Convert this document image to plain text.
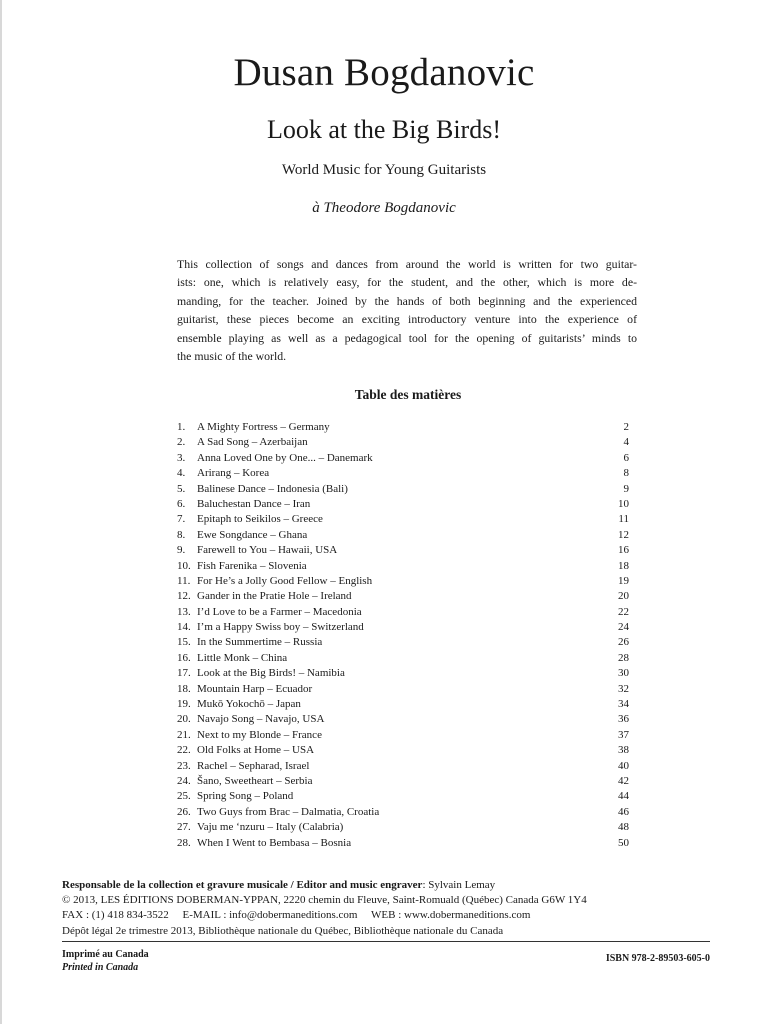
Dusan Bogdanovic
Look at the Big Birds!
World Music for Young Guitarists
à Theodore Bogdanovic
This collection of songs and dances from around the world is written for two guitar-
ists: one, which is relatively easy, for the student, and the other, which is more de-
manding, for the teacher. Joined by the hands of both beginning and the experienced
guitarist, these pieces become an exciting introductory venture into the experience of
ensemble playing as well as a pedagogical tool for the opening of guitarists’ minds to
the music of the world.
Table des matières
1. A Mighty Fortress – Germany	2
2. A Sad Song – Azerbaijan	4
3. Anna Loved One by One... – Danemark	6
4. Arirang – Korea	8
5. Balinese Dance – Indonesia (Bali)	9
6. Baluchestan Dance – Iran	10
7. Epitaph to Seikilos – Greece	11
8. Ewe Songdance – Ghana	12
9. Farewell to You – Hawaii, USA	16
10. Fish Farenika – Slovenia	18
11. For He’s a Jolly Good Fellow – English	19
12. Gander in the Pratie Hole – Ireland	20
13. I’d Love to be a Farmer – Macedonia	22
14. I’m a Happy Swiss boy – Switzerland	24
15. In the Summertime – Russia	26
16. Little Monk – China	28
17. Look at the Big Birds! – Namibia	30
18. Mountain Harp – Ecuador	32
19. Mukō Yokochō – Japan	34
20. Navajo Song – Navajo, USA	36
21. Next to my Blonde – France	37
22. Old Folks at Home – USA	38
23. Rachel – Sepharad, Israel	40
24. Šano, Sweetheart – Serbia	42
25. Spring Song – Poland	44
26. Two Guys from Brac – Dalmatia, Croatia	46
27. Vaju me ‘nzuru – Italy (Calabria)	48
28. When I Went to Bembasa – Bosnia	50
Responsable de la collection et gravure musicale / Editor and music engraver: Sylvain Lemay
© 2013, LES ÉDITIONS DOBERMAN-YPPAN, 2220 chemin du Fleuve, Saint-Romuald (Québec) Canada G6W 1Y4
FAX : (1) 418 834-3522     E-MAIL : info@dobermaneditions.com     WEB : www.dobermaneditions.com
Dépôt légal 2e trimestre 2013, Bibliothèque nationale du Québec, Bibliothèque nationale du Canada
Imprimé au Canada
Printed in Canada
ISBN 978-2-89503-605-0
